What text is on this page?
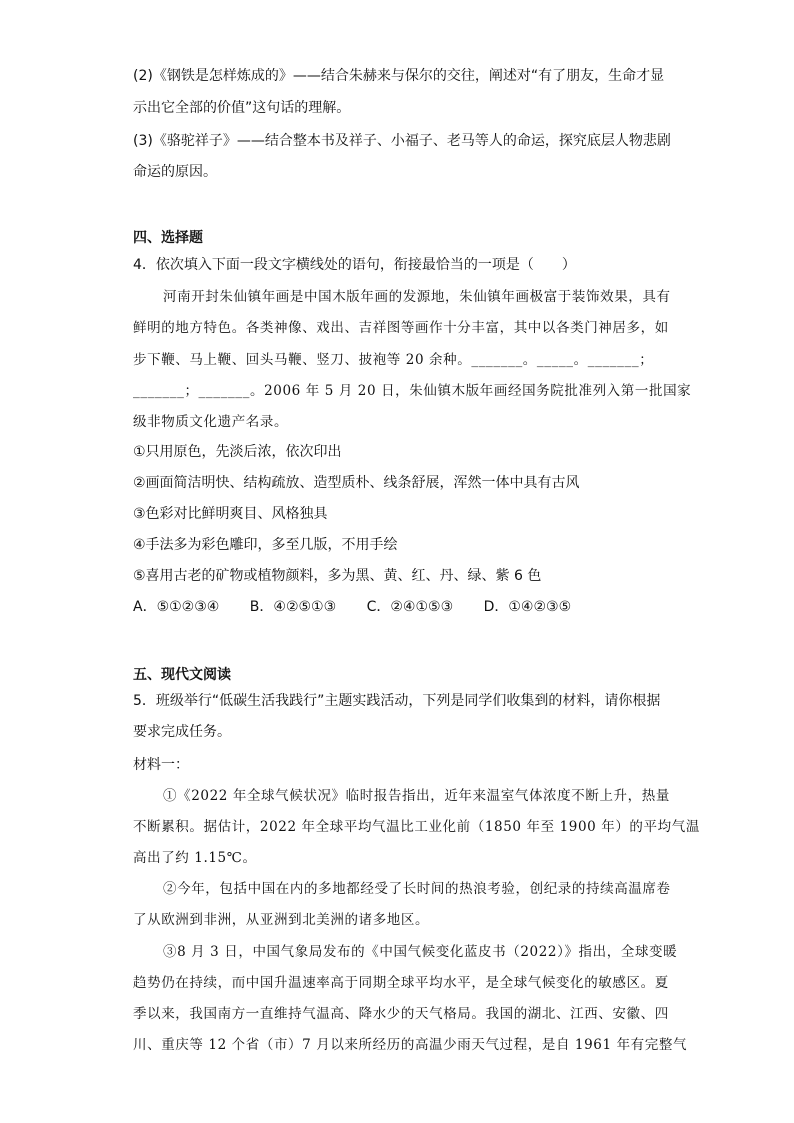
(2)《钢铁是怎样炼成的》——结合朱赫来与保尔的交往，阐述对“有了朋友，生命才显
示出它全部的价值”这句话的理解。
(3)《骆驼祥子》——结合整本书及祥子、小福子、老马等人的命运，探究底层人物悲剧
命运的原因。
四、选择题
4．依次填入下面一段文字横线处的语句，衔接最恰当的一项是（　　）
河南开封朱仙镇年画是中国木版年画的发源地，朱仙镇年画极富于装饰效果，具有
鲜明的地方特色。各类神像、戏出、吉祥图等画作十分丰富，其中以各类门神居多，如
步下鞭、马上鞭、回头马鞭、竖刀、披袍等 20 余种。_______。_____。_______；
_______；_______。2006 年 5 月 20 日，朱仙镇木版年画经国务院批准列入第一批国家
级非物质文化遗产名录。
①只用原色，先淡后浓，依次印出
②画面简洁明快、结构疏放、造型质朴、线条舒展，浑然一体中具有古风
③色彩对比鲜明爽目、风格独具
④手法多为彩色雕印，多至几版，不用手绘
⑤喜用古老的矿物或植物颜料，多为黑、黄、红、丹、绿、紫 6 色
A．⑤①②③④ B．④②⑤①③ C．②④①⑤③ D．①④②③⑤
五、现代文阅读
5．班级举行“低碳生活我践行”主题实践活动，下列是同学们收集到的材料，请你根据
要求完成任务。
材料一：
①《2022 年全球气候状况》临时报告指出，近年来温室气体浓度不断上升，热量
不断累积。据估计，2022 年全球平均气温比工业化前（1850 年至 1900 年）的平均气温
高出了约 1.15℃。
②今年，包括中国在内的多地都经受了长时间的热浪考验，创纪录的持续高温席卷
了从欧洲到非洲，从亚洲到北美洲的诸多地区。
③8 月 3 日，中国气象局发布的《中国气候变化蓝皮书（2022）》指出，全球变暖
趋势仍在持续，而中国升温速率高于同期全球平均水平，是全球气候变化的敏感区。夏
季以来，我国南方一直维持气温高、降水少的天气格局。我国的湖北、江西、安徽、四
川、重庆等 12 个省（市）7 月以来所经历的高温少雨天气过程，是自 1961 年有完整气
